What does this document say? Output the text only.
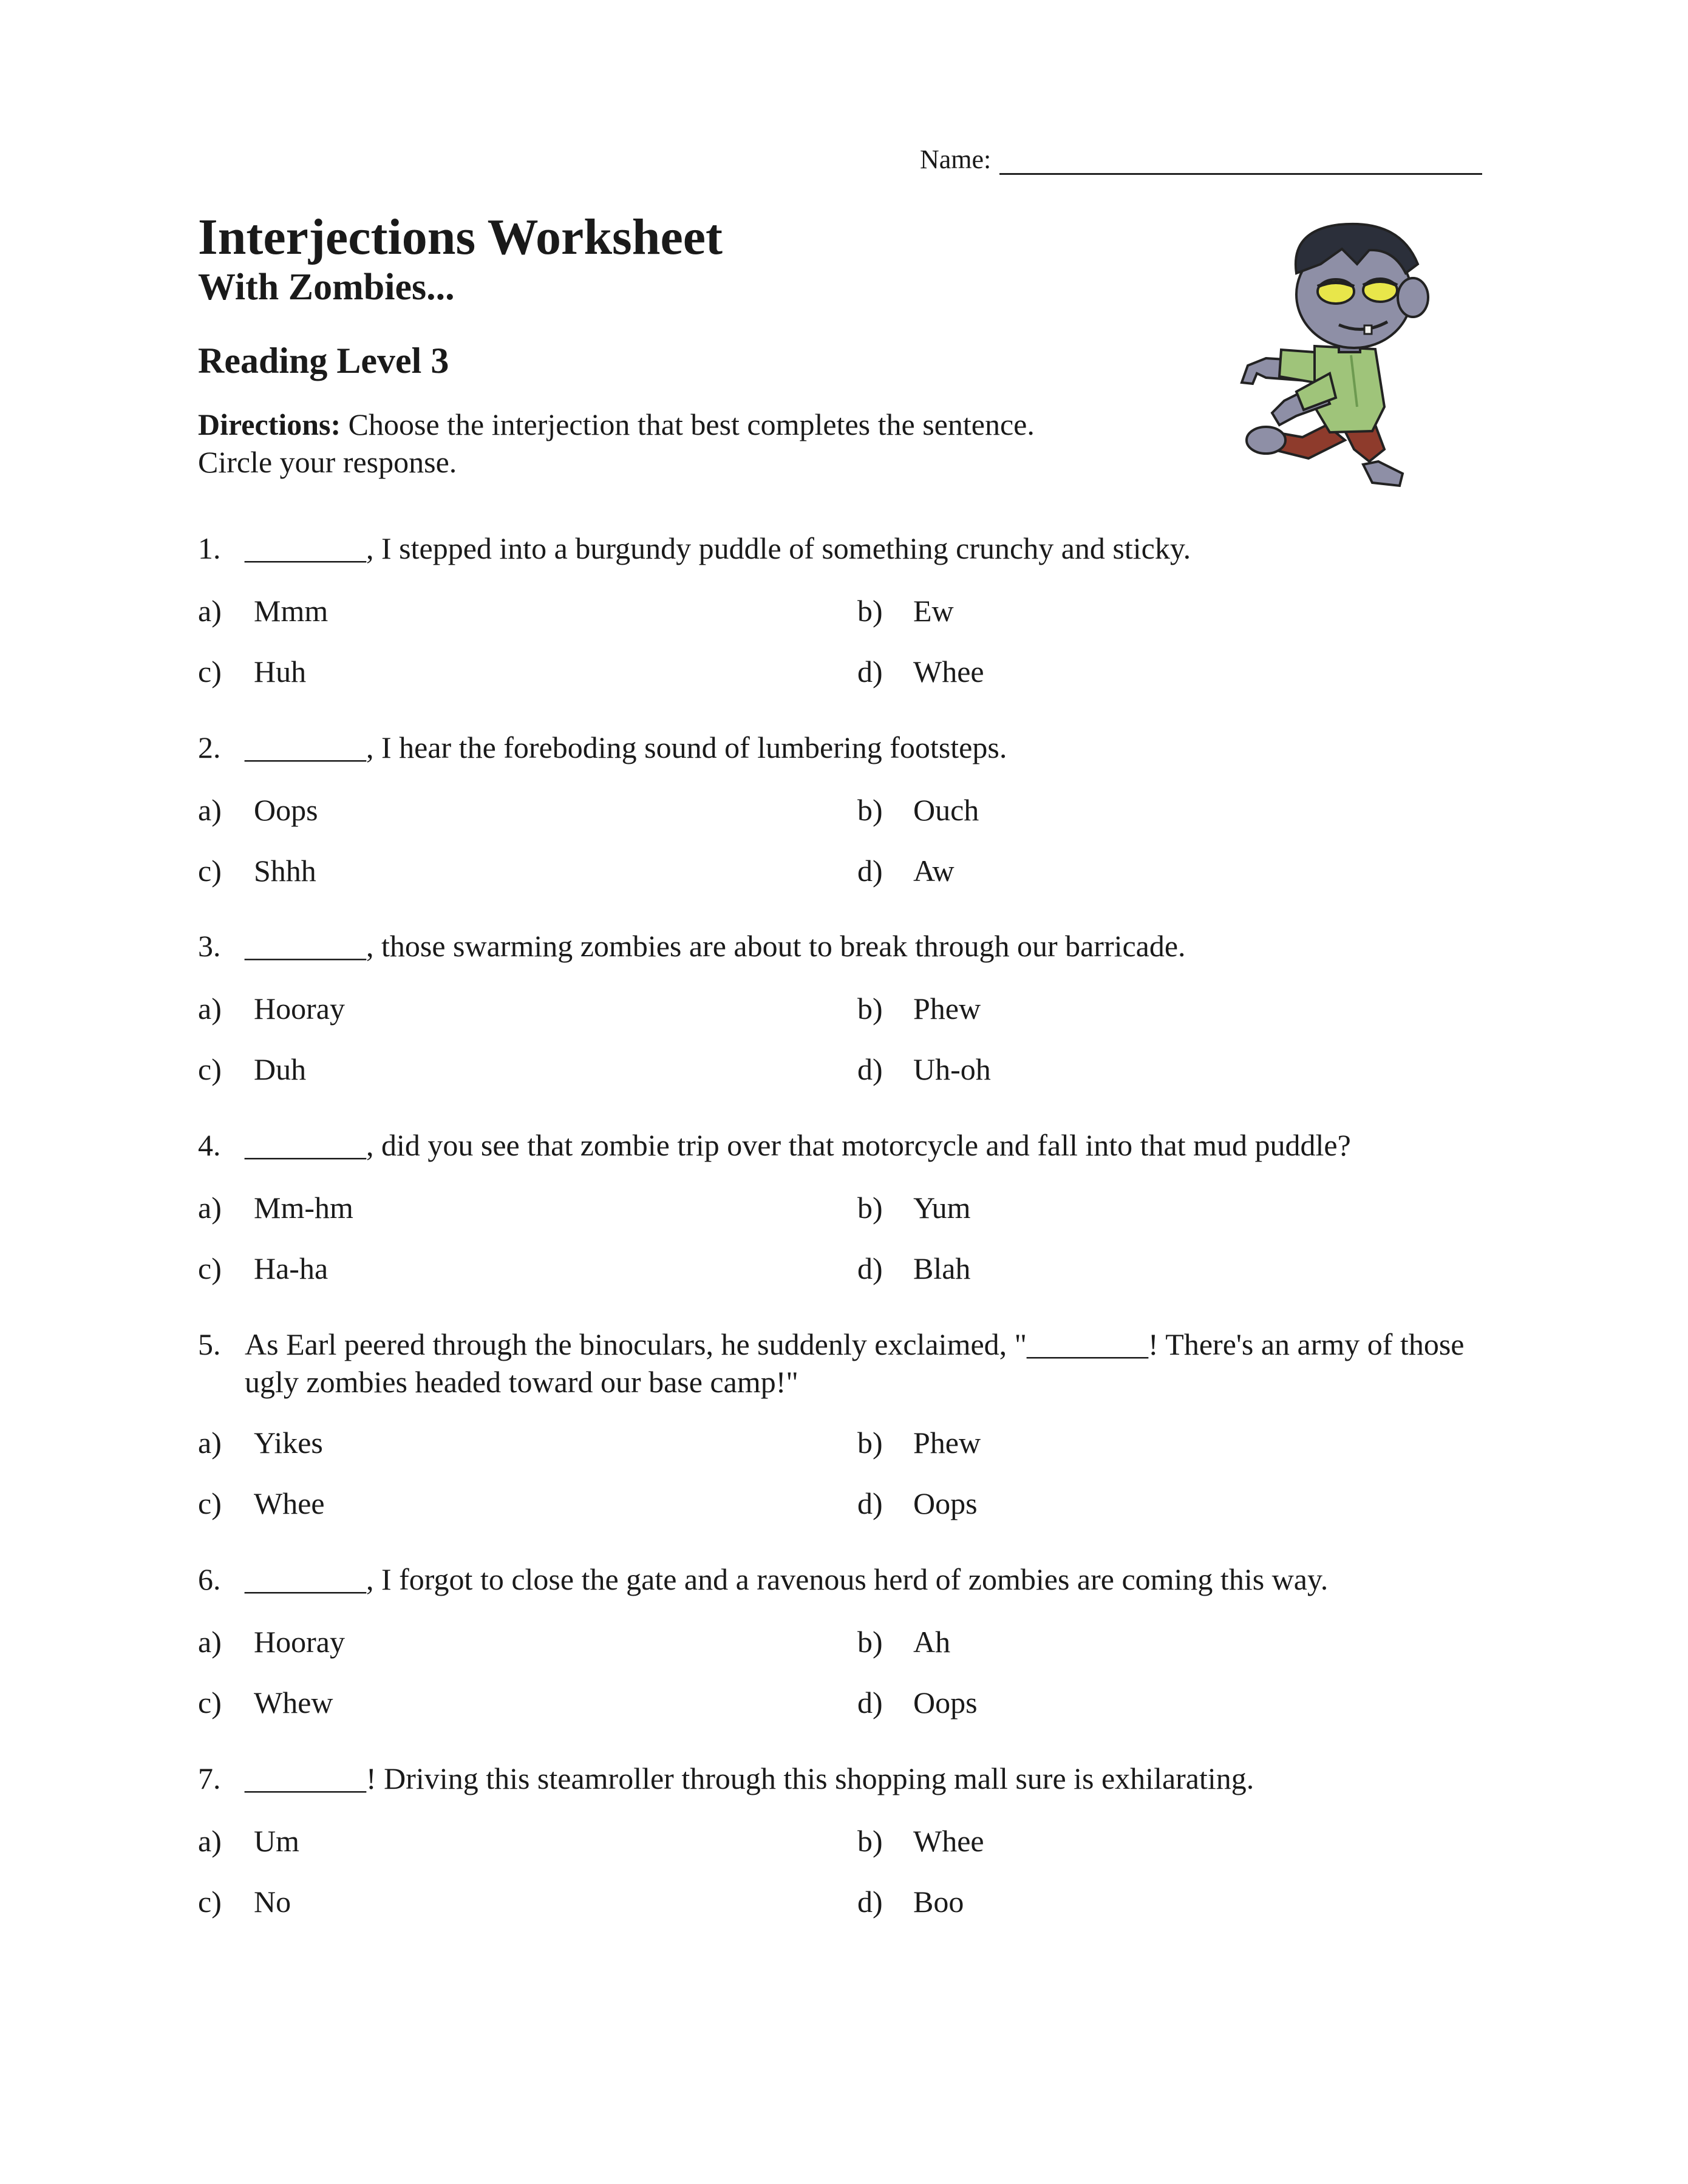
Name:
Interjections Worksheet
With Zombies...
Reading Level 3
Directions: Choose the interjection that best completes the sentence.
Circle your response.
1. ________, I stepped into a burgundy puddle of something crunchy and sticky.
a) Mmm	b) Ew
c) Huh	d) Whee
2. ________, I hear the foreboding sound of lumbering footsteps.
a) Oops	b) Ouch
c) Shhh	d) Aw
3. ________, those swarming zombies are about to break through our barricade.
a) Hooray	b) Phew
c) Duh	d) Uh-oh
4. ________, did you see that zombie trip over that motorcycle and fall into that mud puddle?
a) Mm-hm	b) Yum
c) Ha-ha	d) Blah
5. As Earl peered through the binoculars, he suddenly exclaimed, "________! There's an army of those ugly zombies headed toward our base camp!"
a) Yikes	b) Phew
c) Whee	d) Oops
6. ________, I forgot to close the gate and a ravenous herd of zombies are coming this way.
a) Hooray	b) Ah
c) Whew	d) Oops
7. ________! Driving this steamroller through this shopping mall sure is exhilarating.
a) Um	b) Whee
c) No	d) Boo
